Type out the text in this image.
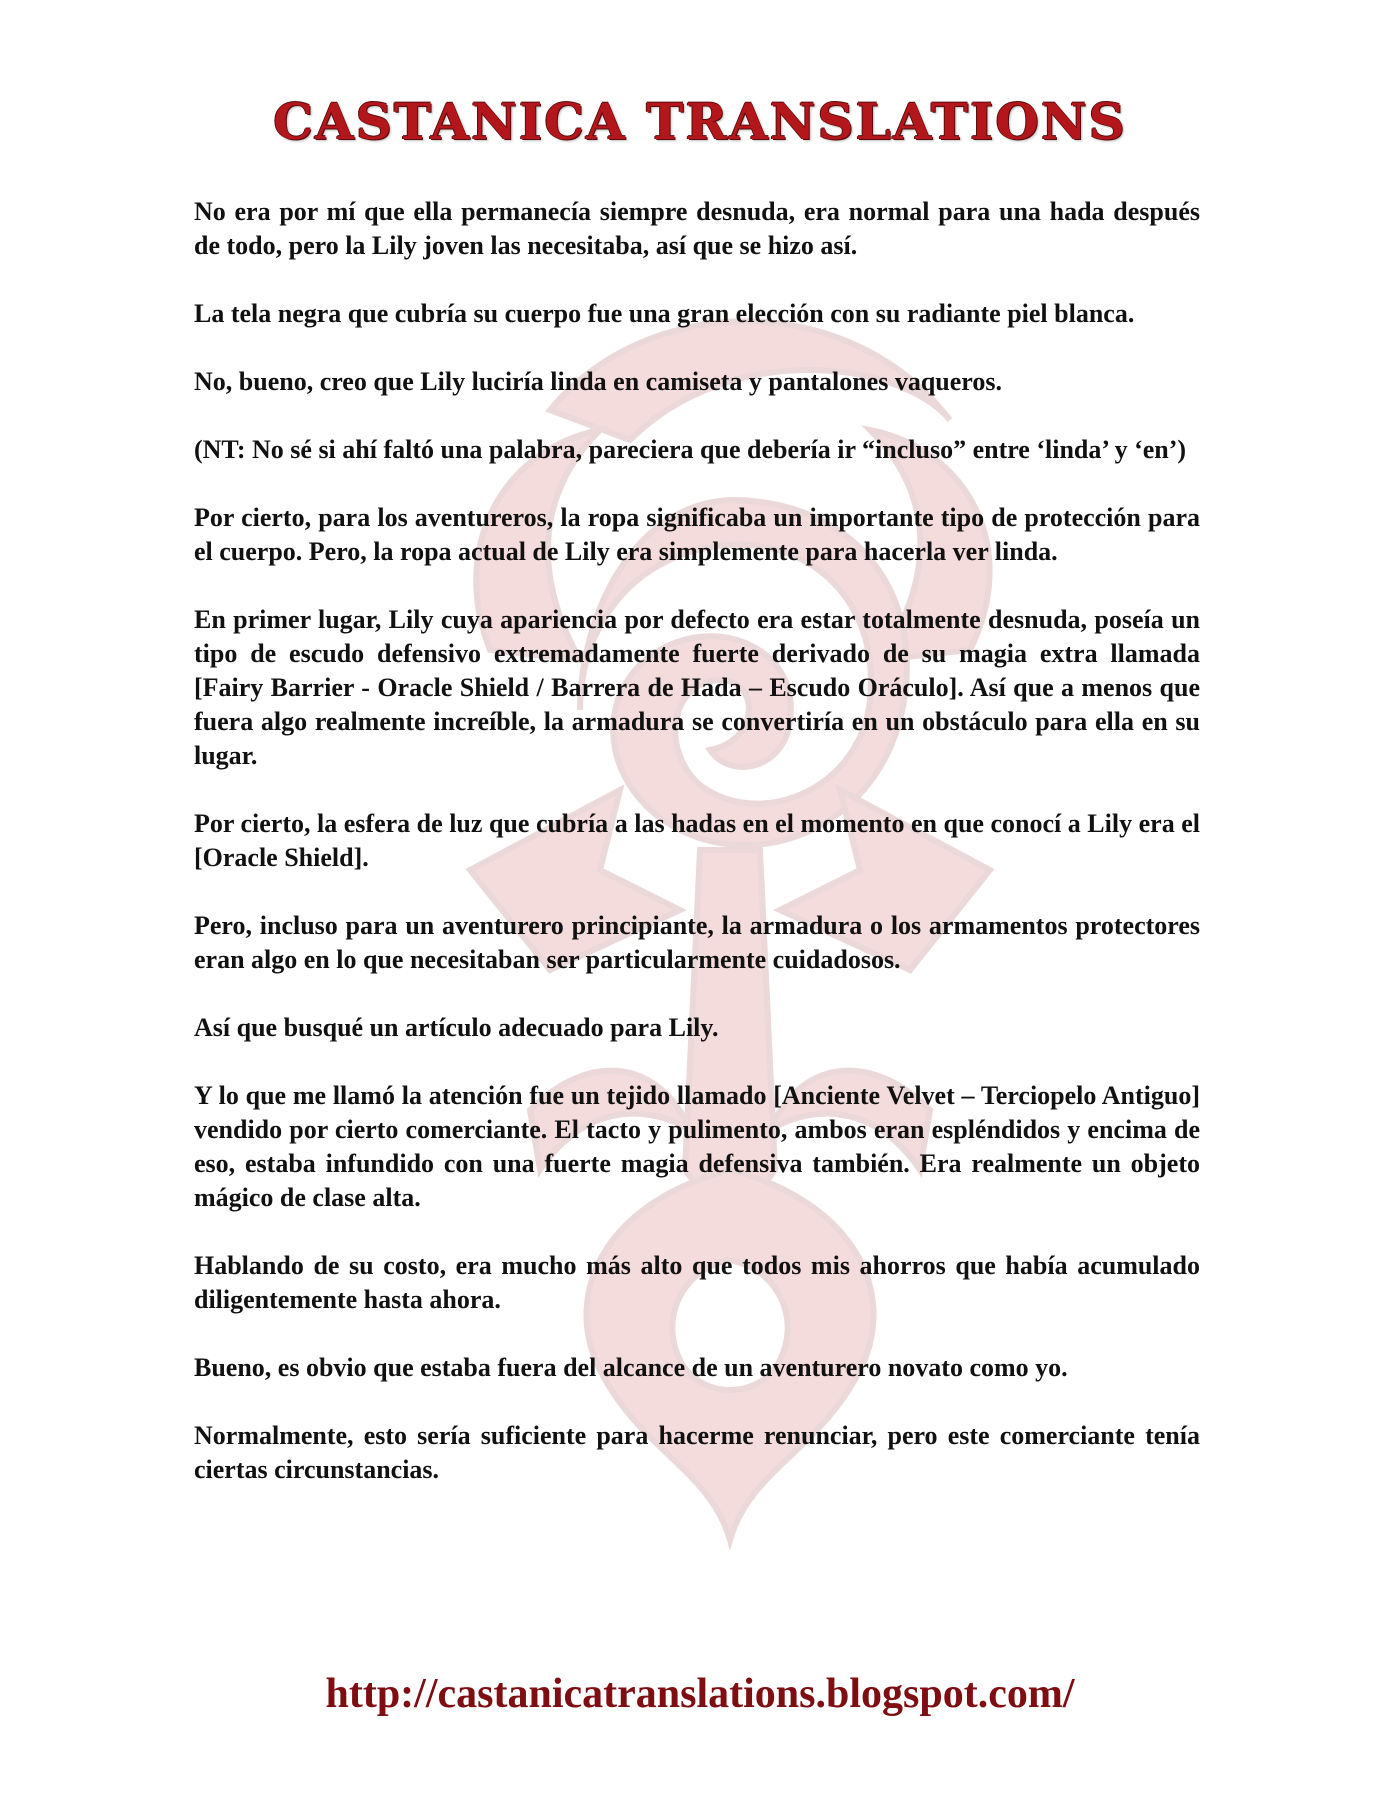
CASTANICA TRANSLATIONS

No era por mí que ella permanecía siempre desnuda, era normal para una hada después de todo, pero la Lily joven las necesitaba, así que se hizo así.

La tela negra que cubría su cuerpo fue una gran elección con su radiante piel blanca.

No, bueno, creo que Lily luciría linda en camiseta y pantalones vaqueros.

(NT: No sé si ahí faltó una palabra, pareciera que debería ir “incluso” entre ‘linda’ y ‘en’)

Por cierto, para los aventureros, la ropa significaba un importante tipo de protección para el cuerpo. Pero, la ropa actual de Lily era simplemente para hacerla ver linda.

En primer lugar, Lily cuya apariencia por defecto era estar totalmente desnuda, poseía un tipo de escudo defensivo extremadamente fuerte derivado de su magia extra llamada [Fairy Barrier - Oracle Shield / Barrera de Hada – Escudo Oráculo]. Así que a menos que fuera algo realmente increíble, la armadura se convertiría en un obstáculo para ella en su lugar.

Por cierto, la esfera de luz que cubría a las hadas en el momento en que conocí a Lily era el [Oracle Shield].

Pero, incluso para un aventurero principiante, la armadura o los armamentos protectores eran algo en lo que necesitaban ser particularmente cuidadosos.

Así que busqué un artículo adecuado para Lily.

Y lo que me llamó la atención fue un tejido llamado [Anciente Velvet – Terciopelo Antiguo] vendido por cierto comerciante. El tacto y pulimento, ambos eran espléndidos y encima de eso, estaba infundido con una fuerte magia defensiva también. Era realmente un objeto mágico de clase alta.

Hablando de su costo, era mucho más alto que todos mis ahorros que había acumulado diligentemente hasta ahora.

Bueno, es obvio que estaba fuera del alcance de un aventurero novato como yo.

Normalmente, esto sería suficiente para hacerme renunciar, pero este comerciante tenía ciertas circunstancias.

http://castanicatranslations.blogspot.com/
